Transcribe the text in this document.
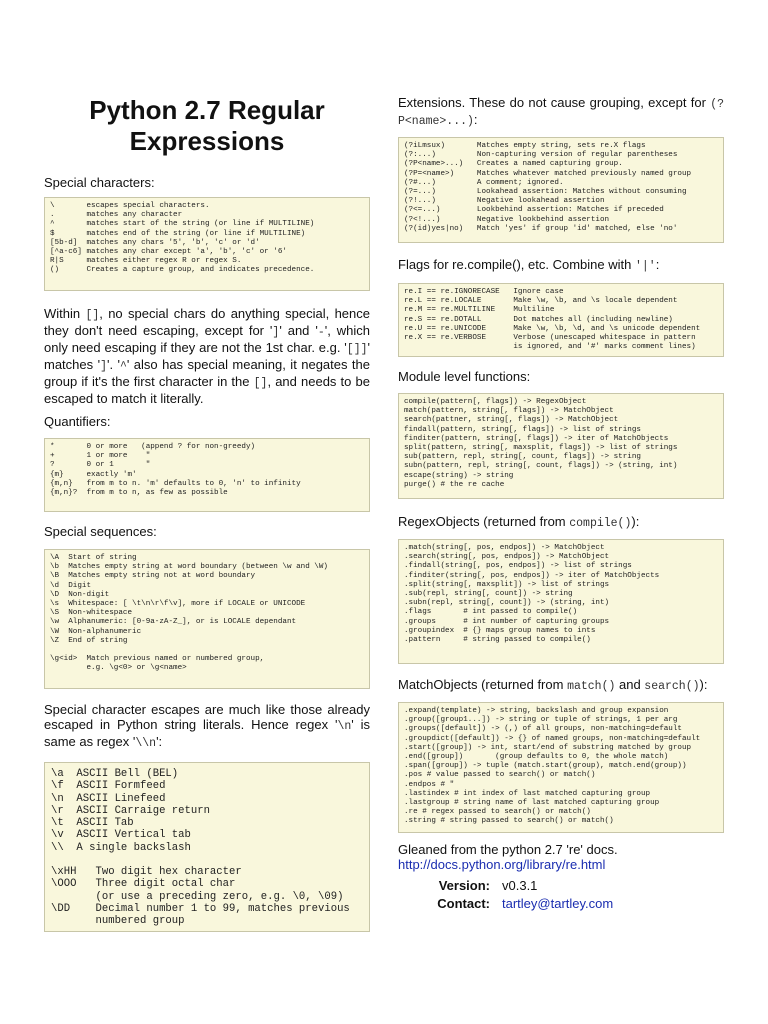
Python 2.7 Regular Expressions

Special characters:

\       escapes special characters.
.       matches any character
^       matches start of the string (or line if MULTILINE)
$       matches end of the string (or line if MULTILINE)
[5b-d]  matches any chars '5', 'b', 'c' or 'd'
[^a-c6] matches any char except 'a', 'b', 'c' or '6'
R|S     matches either regex R or regex S.
()      Creates a capture group, and indicates precedence.

Within [], no special chars do anything special, hence they don't need escaping, except for ']' and '-', which only need escaping if they are not the 1st char. e.g. '[]]' matches ']'. '^' also has special meaning, it negates the group if it's the first character in the [], and needs to be escaped to match it literally.

Quantifiers:

*       0 or more   (append ? for non-greedy)
+       1 or more    "
?       0 or 1       "
{m}     exactly 'm'
{m,n}   from m to n. 'm' defaults to 0, 'n' to infinity
{m,n}?  from m to n, as few as possible

Special sequences:

\A  Start of string
\b  Matches empty string at word boundary (between \w and \W)
\B  Matches empty string not at word boundary
\d  Digit
\D  Non-digit
\s  Whitespace: [ \t\n\r\f\v], more if LOCALE or UNICODE
\S  Non-whitespace
\w  Alphanumeric: [0-9a-zA-Z_], or is LOCALE dependant
\W  Non-alphanumeric
\Z  End of string
\g<id>  Match previous named or numbered group,
e.g. \g<0> or \g<name>

Special character escapes are much like those already escaped in Python string literals. Hence regex '\n' is same as regex '\\n':

\a  ASCII Bell (BEL)
\f  ASCII Formfeed
\n  ASCII Linefeed
\r  ASCII Carraige return
\t  ASCII Tab
\v  ASCII Vertical tab
\\  A single backslash
\xHH   Two digit hex character
\OOO   Three digit octal char
(or use a preceding zero, e.g. \0, \09)
\DD    Decimal number 1 to 99, matches previous
numbered group

Extensions. These do not cause grouping, except for (?P<name>...):

(?iLmsux)       Matches empty string, sets re.X flags
(?:...)         Non-capturing version of regular parentheses
(?P<name>...)   Creates a named capturing group.
(?P=<name>)     Matches whatever matched previously named group
(?#...)         A comment; ignored.
(?=...)         Lookahead assertion: Matches without consuming
(?!...)         Negative lookahead assertion
(?<=...)        Lookbehind assertion: Matches if preceded
(?<!...)        Negative lookbehind assertion
(?(id)yes|no)   Match 'yes' if group 'id' matched, else 'no'

Flags for re.compile(), etc. Combine with '|':

re.I == re.IGNORECASE   Ignore case
re.L == re.LOCALE       Make \w, \b, and \s locale dependent
re.M == re.MULTILINE    Multiline
re.S == re.DOTALL       Dot matches all (including newline)
re.U == re.UNICODE      Make \w, \b, \d, and \s unicode dependent
re.X == re.VERBOSE      Verbose (unescaped whitespace in pattern
is ignored, and '#' marks comment lines)

Module level functions:

compile(pattern[, flags]) -> RegexObject
match(pattern, string[, flags]) -> MatchObject
search(pattner, string[, flags]) -> MatchObject
findall(pattern, string[, flags]) -> list of strings
finditer(pattern, string[, flags]) -> iter of MatchObjects
split(pattern, string[, maxsplit, flags]) -> list of strings
sub(pattern, repl, string[, count, flags]) -> string
subn(pattern, repl, string[, count, flags]) -> (string, int)
escape(string) -> string
purge() # the re cache

RegexObjects (returned from compile()):

.match(string[, pos, endpos]) -> MatchObject
.search(string[, pos, endpos]) -> MatchObject
.findall(string[, pos, endpos]) -> list of strings
.finditer(string[, pos, endpos]) -> iter of MatchObjects
.split(string[, maxsplit]) -> list of strings
.sub(repl, string[, count]) -> string
.subn(repl, string[, count]) -> (string, int)
.flags       # int passed to compile()
.groups      # int number of capturing groups
.groupindex  # {} maps group names to ints
.pattern     # string passed to compile()

MatchObjects (returned from match() and search()):

.expand(template) -> string, backslash and group expansion
.group([group1...]) -> string or tuple of strings, 1 per arg
.groups([default]) -> (,) of all groups, non-matching=default
.groupdict([default]) -> {} of named groups, non-matching=default
.start([group]) -> int, start/end of substring matched by group
.end([group])       (group defaults to 0, the whole match)
.span([group]) -> tuple (match.start(group), match.end(group))
.pos # value passed to search() or match()
.endpos # "
.lastindex # int index of last matched capturing group
.lastgroup # string name of last matched capturing group
.re # regex passed to search() or match()
.string # string passed to search() or match()

Gleaned from the python 2.7 're' docs.
http://docs.python.org/library/re.html

Version: v0.3.1
Contact: tartley@tartley.com
